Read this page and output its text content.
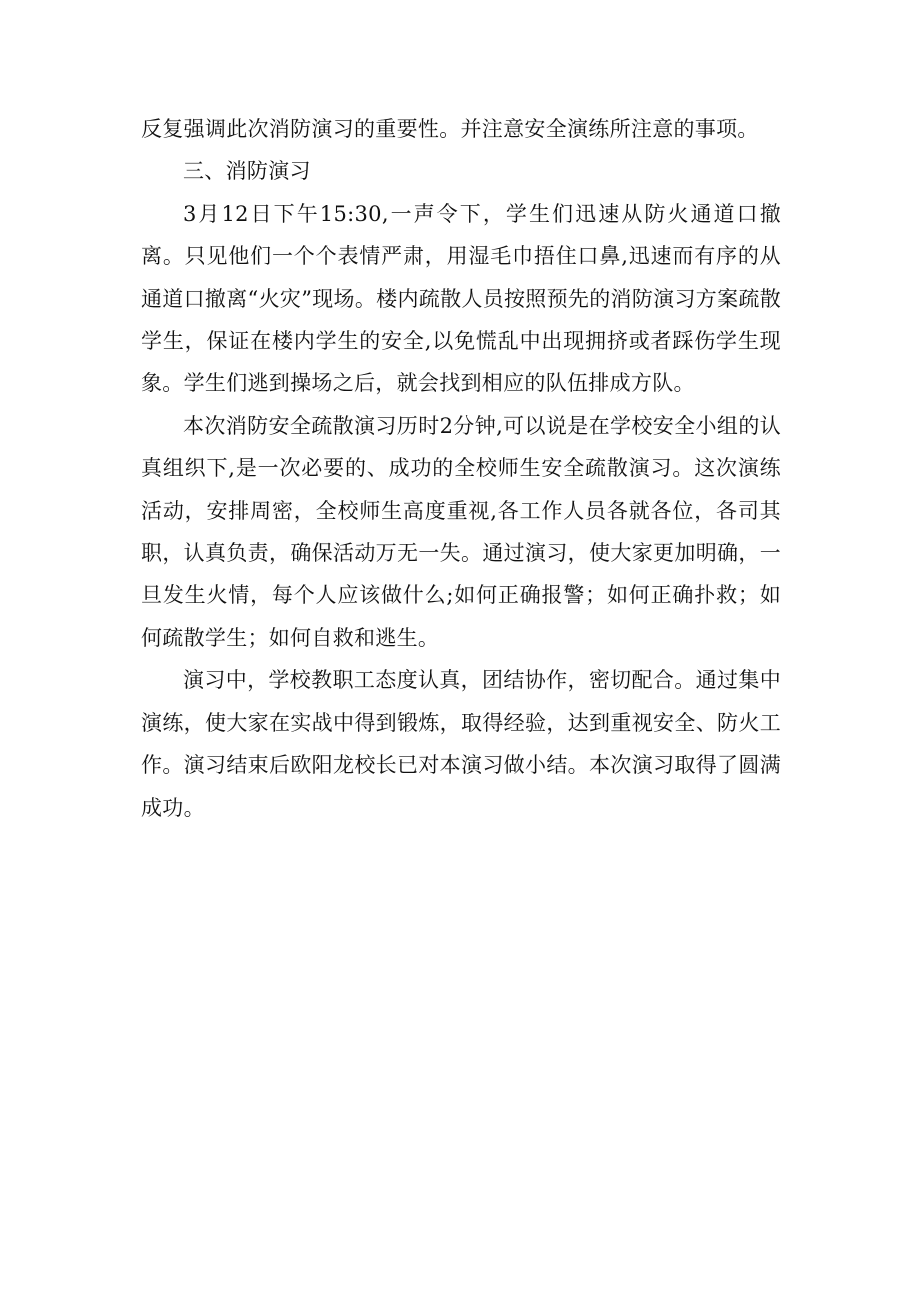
反复强调此次消防演习的重要性。并注意安全演练所注意的事项。

三、消防演习

3月12日下午15:30,一声令下，学生们迅速从防火通道口撤离。只见他们一个个表情严肃，用湿毛巾捂住口鼻,迅速而有序的从通道口撤离“火灾”现场。楼内疏散人员按照预先的消防演习方案疏散学生，保证在楼内学生的安全,以免慌乱中出现拥挤或者踩伤学生现象。学生们逃到操场之后，就会找到相应的队伍排成方队。

本次消防安全疏散演习历时2分钟,可以说是在学校安全小组的认真组织下,是一次必要的、成功的全校师生安全疏散演习。这次演练活动，安排周密，全校师生高度重视,各工作人员各就各位，各司其职，认真负责，确保活动万无一失。通过演习，使大家更加明确，一旦发生火情，每个人应该做什么;如何正确报警；如何正确扑救；如何疏散学生；如何自救和逃生。

演习中，学校教职工态度认真，团结协作，密切配合。通过集中演练，使大家在实战中得到锻炼，取得经验，达到重视安全、防火工作。演习结束后欧阳龙校长已对本演习做小结。本次演习取得了圆满成功。
